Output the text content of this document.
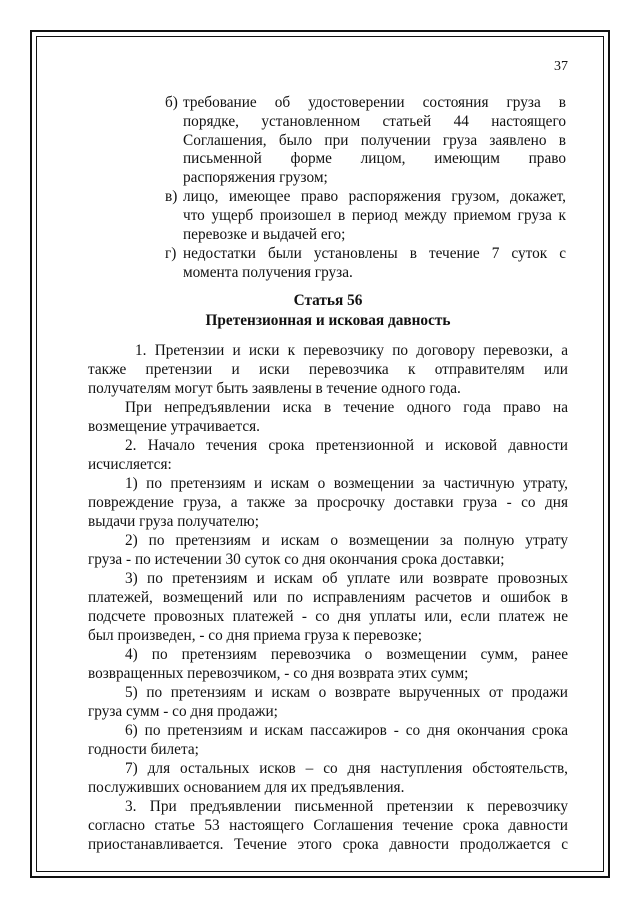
37
б) требование об удостоверении состояния груза в
порядке, установленном статьей 44 настоящего
Соглашения, было при получении груза заявлено в
письменной форме лицом, имеющим право
распоряжения грузом;
в) лицо, имеющее право распоряжения грузом, докажет,
что ущерб произошел в период между приемом груза к
перевозке и выдачей его;
г) недостатки были установлены в течение 7 суток с
момента получения груза.
Статья 56
Претензионная и исковая давность
1. Претензии и иски к перевозчику по договору перевозки, а
также претензии и иски перевозчика к отправителям или
получателям могут быть заявлены в течение одного года.
При непредъявлении иска в течение одного года право на
возмещение утрачивается.
2. Начало течения срока претензионной и исковой давности
исчисляется:
1) по претензиям и искам о возмещении за частичную утрату,
повреждение груза, а также за просрочку доставки груза - со дня
выдачи груза получателю;
2) по претензиям и искам о возмещении за полную утрату
груза - по истечении 30 суток со дня окончания срока доставки;
3) по претензиям и искам об уплате или возврате провозных
платежей, возмещений или по исправлениям расчетов и ошибок в
подсчете провозных платежей - со дня уплаты или, если платеж не
был произведен, - со дня приема груза к перевозке;
4) по претензиям перевозчика о возмещении сумм, ранее
возвращенных перевозчиком, - со дня возврата этих сумм;
5) по претензиям и искам о возврате вырученных от продажи
груза сумм - со дня продажи;
6) по претензиям и искам пассажиров - со дня окончания срока
годности билета;
7) для остальных исков – со дня наступления обстоятельств,
послуживших основанием для их предъявления.
3. При предъявлении письменной претензии к перевозчику
согласно статье 53 настоящего Соглашения течение срока давности
приостанавливается. Течение этого срока давности продолжается с
